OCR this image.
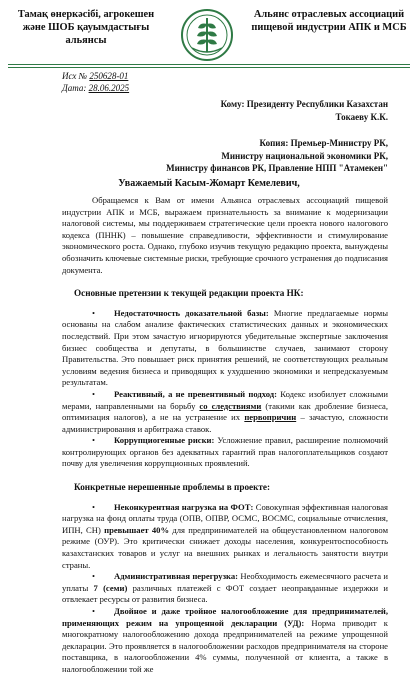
Тамақ өнеркәсібі, агрокешен және ШОБ қауымдастығы альянсы
Альянс отраслевых ассоциаций пищевой индустрии АПК и МСБ
Исх № 250628-01
Дата: 28.06.2025
Кому: Президенту Республики Казахстан
Токаеву К.К.
Копия: Премьер-Министру РК,
Министру национальной экономики РК,
Министру финансов РК, Правление НПП "Атамекен"
Уважаемый Касым-Жомарт Кемелевич,

Обращаемся к Вам от имени Альянса отраслевых ассоциаций пищевой индустрии АПК и МСБ, выражаем признательность за внимание к модернизации налоговой системы, мы поддерживаем стратегические цели проекта нового налогового кодекса (ПННК) – повышение справедливости, эффективности и стимулирование экономического роста. Однако, глубоко изучив текущую редакцию проекта, вынуждены обозначить ключевые системные риски, требующие срочного устранения до подписания документа.

Основные претензии к текущей редакции проекта НК:

• Недостаточность доказательной базы: Многие предлагаемые нормы основаны на слабом анализе фактических статистических данных и экономических последствий. При этом зачастую игнорируются убедительные экспертные заключения бизнес сообщества и депутаты, в большинстве случаев, занимают сторону Правительства. Это повышает риск принятия решений, не соответствующих реальным условиям ведения бизнеса и приводящих к ухудшению экономики и непредсказуемым результатам.

• Реактивный, а не превентивный подход: Кодекс изобилует сложными мерами, направленными на борьбу со следствиями (такими как дробление бизнеса, оптимизация налогов), а не на устранение их первопричин – зачастую, сложности администрирования и арбитража ставок.

• Коррупциогенные риски: Усложнение правил, расширение полномочий контролирующих органов без адекватных гарантий прав налогоплательщиков создают почву для увеличения коррупционных проявлений.

Конкретные нерешенные проблемы в проекте:

• Неконкурентная нагрузка на ФОТ: Совокупная эффективная налоговая нагрузка на фонд оплаты труда (ОПВ, ОПВР, ОСМС, ВОСМС, социальные отчисления, ИПН, СН) превышает 40% для предпринимателей на общеустановленном налоговом режиме (ОУР). Это критически снижает доходы населения, конкурентоспособность казахстанских товаров и услуг на внешних рынках и легальность занятости внутри страны.

• Административная перегрузка: Необходимость ежемесячного расчета и уплаты 7 (семи) различных платежей с ФОТ создает неоправданные издержки и отвлекает ресурсы от развития бизнеса.

• Двойное и даже тройное налогообложение для предпринимателей, применяющих режим на упрощенной декларации (УД): Норма приводит к многократному налогообложению дохода предпринимателей на режиме упрощенной декларации. Это проявляется в налогообложении расходов предпринимателя на стороне поставщика, в налогообложении 4% суммы, полученной от клиента, а также в налогообложении той же
